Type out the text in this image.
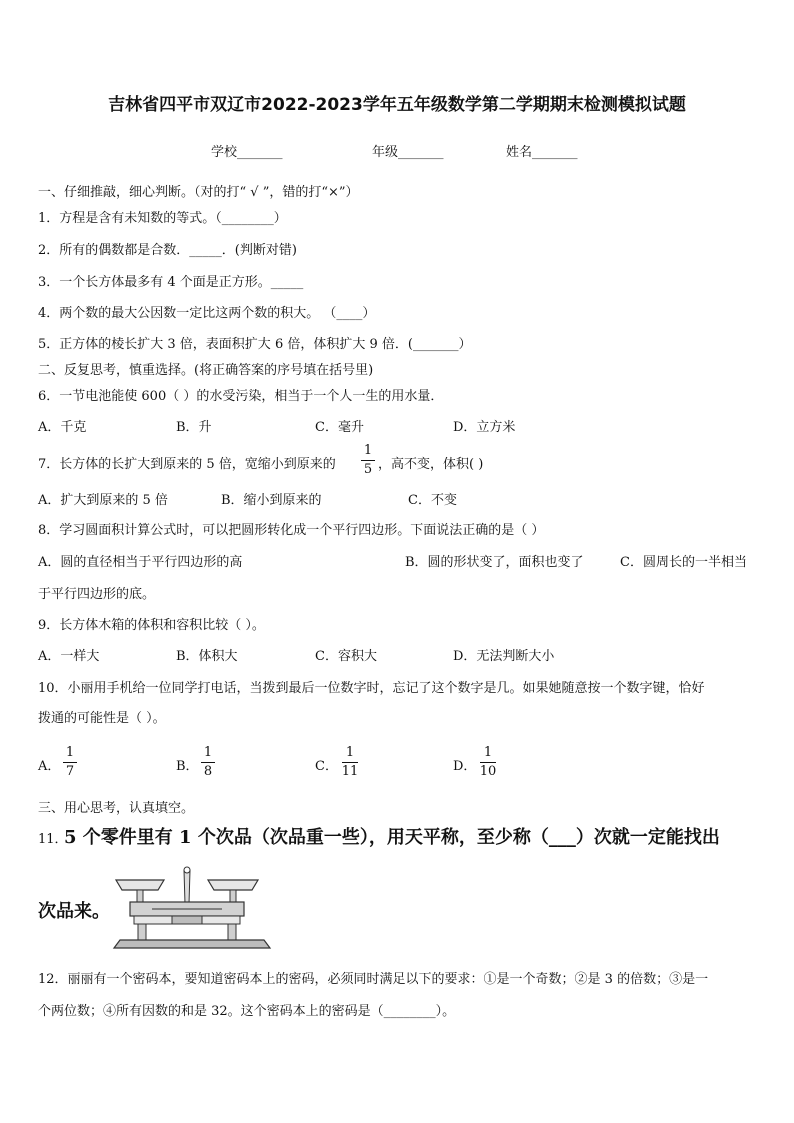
吉林省四平市双辽市2022-2023学年五年级数学第二学期期末检测模拟试题
学校_______	年级_______	姓名_______
一、仔细推敲，细心判断。（对的打“ √ ”，错的打“×”）
1．方程是含有未知数的等式。（________）
2．所有的偶数都是合数．_____．(判断对错)
3．一个长方体最多有 4 个面是正方形。_____
4．两个数的最大公因数一定比这两个数的积大。 （____）
5．正方体的棱长扩大 3 倍，表面积扩大 6 倍，体积扩大 9 倍．(_______）
二、反复思考，慎重选择。(将正确答案的序号填在括号里)
6．一节电池能使 600（ ）的水受污染，相当于一个人一生的用水量．
A．千克	B．升	C．毫升	D．立方米
7．长方体的长扩大到原来的 5 倍，宽缩小到原来的
1
5 ，高不变，体积( )
A．扩大到原来的 5 倍	B．缩小到原来的	C．不变
8．学习圆面积计算公式时，可以把圆形转化成一个平行四边形。下面说法正确的是（ ）
A．圆的直径相当于平行四边形的高	B．圆的形状变了，面积也变了	C．圆周长的一半相当
于平行四边形的底。
9．长方体木箱的体积和容积比较（ ）。
A．一样大	B．体积大	C．容积大	D．无法判断大小
10．小丽用手机给一位同学打电话，当拨到最后一位数字时，忘记了这个数字是几。如果她随意按一个数字键，恰好
拨通的可能性是（ ）。
A．
1
7	B．
1
8	C．
1
11	D．
1
10
三、用心思考，认真填空。
11．
5 个零件里有 1 个次品（次品重一些），用天平称，至少称（___）次就一定能找出
次品来。
12．丽丽有一个密码本，要知道密码本上的密码，必须同时满足以下的要求：①是一个奇数；②是 3 的倍数；③是一
个两位数；④所有因数的和是 32。这个密码本上的密码是（________）。
